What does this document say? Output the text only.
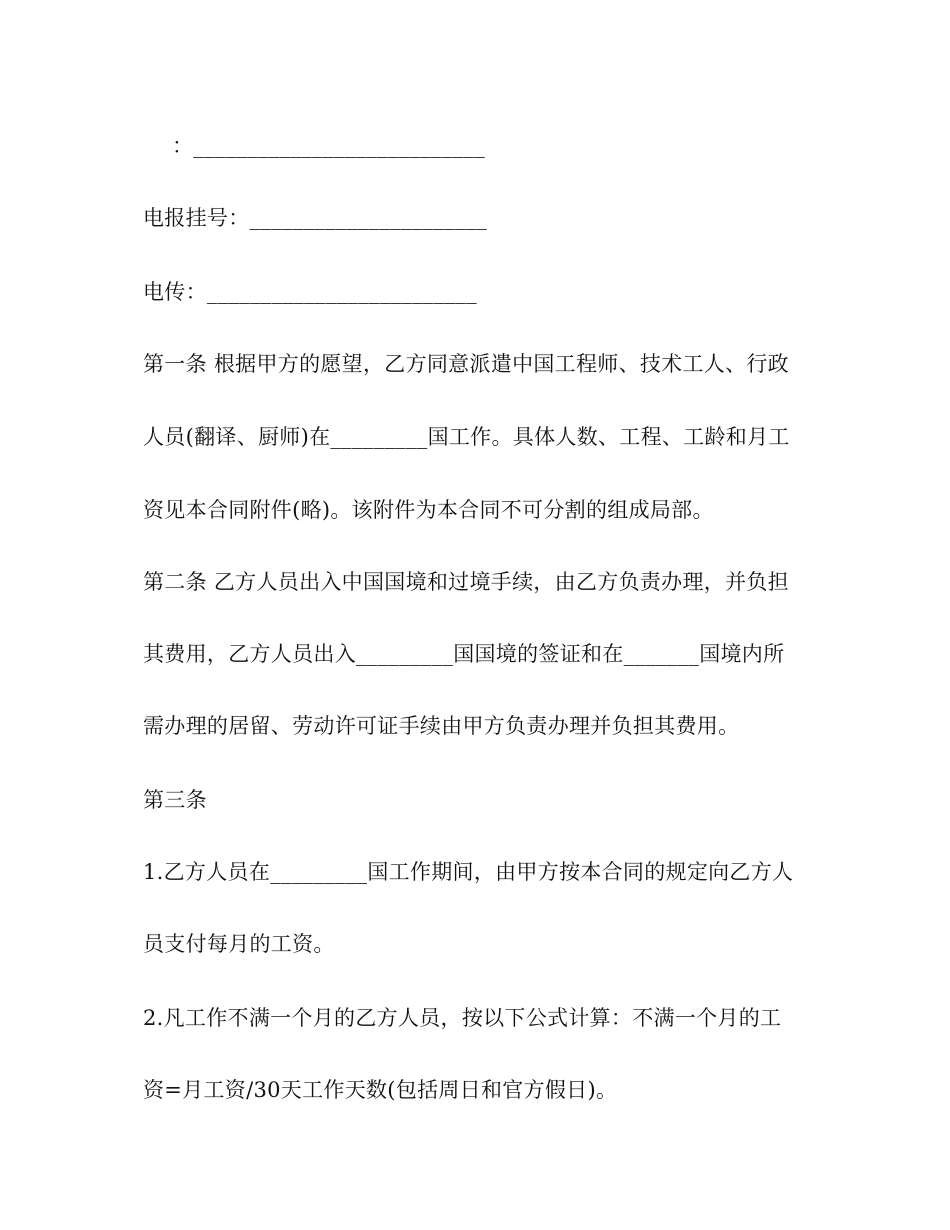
：___________________________
电报挂号：______________________
电传：_________________________
第一条 根据甲方的愿望，乙方同意派遣中国工程师、技术工人、行政
人员(翻译、厨师)在_________国工作。具体人数、工程、工龄和月工
资见本合同附件(略)。该附件为本合同不可分割的组成局部。
第二条 乙方人员出入中国国境和过境手续，由乙方负责办理，并负担
其费用，乙方人员出入_________国国境的签证和在_______国境内所
需办理的居留、劳动许可证手续由甲方负责办理并负担其费用。
第三条
1.乙方人员在_________国工作期间，由甲方按本合同的规定向乙方人
员支付每月的工资。
2.凡工作不满一个月的乙方人员，按以下公式计算：不满一个月的工
资=月工资/30天工作天数(包括周日和官方假日)。
